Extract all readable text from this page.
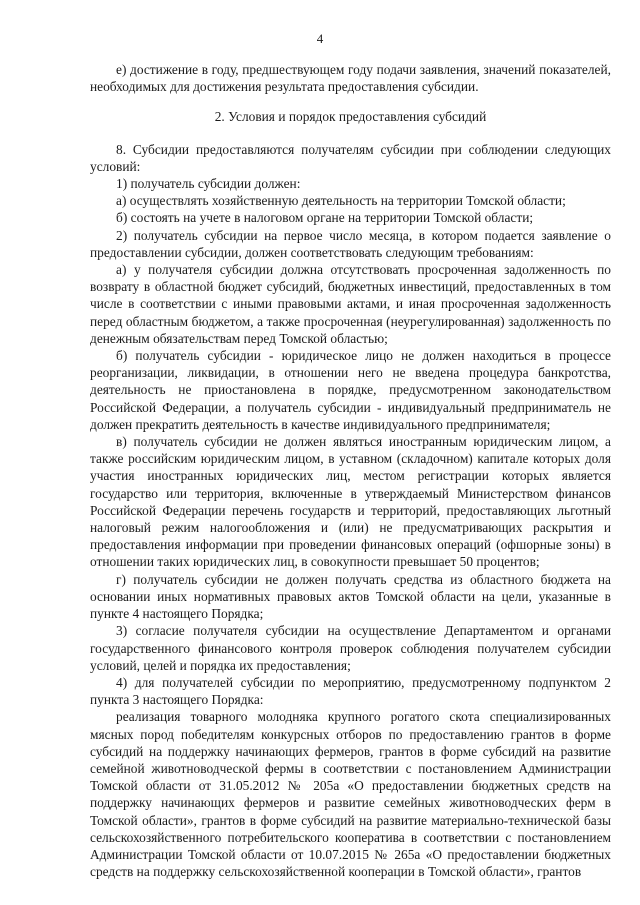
4

е) достижение в году, предшествующем году подачи заявления, значений показателей, необходимых для достижения результата предоставления субсидии.

2. Условия и порядок предоставления субсидий

8. Субсидии предоставляются получателям субсидии при соблюдении следующих условий:

1) получатель субсидии должен:

а) осуществлять хозяйственную деятельность на территории Томской области;

б) состоять на учете в налоговом органе на территории Томской области;

2) получатель субсидии на первое число месяца, в котором подается заявление о предоставлении субсидии, должен соответствовать следующим требованиям:

а) у получателя субсидии должна отсутствовать просроченная задолженность по возврату в областной бюджет субсидий, бюджетных инвестиций, предоставленных в том числе в соответствии с иными правовыми актами, и иная просроченная задолженность перед областным бюджетом, а также просроченная (неурегулированная) задолженность по денежным обязательствам перед Томской областью;

б) получатель субсидии - юридическое лицо не должен находиться в процессе реорганизации, ликвидации, в отношении него не введена процедура банкротства, деятельность не приостановлена в порядке, предусмотренном законодательством Российской Федерации, а получатель субсидии - индивидуальный предприниматель не должен прекратить деятельность в качестве индивидуального предпринимателя;

в) получатель субсидии не должен являться иностранным юридическим лицом, а также российским юридическим лицом, в уставном (складочном) капитале которых доля участия иностранных юридических лиц, местом регистрации которых является государство или территория, включенные в утверждаемый Министерством финансов Российской Федерации перечень государств и территорий, предоставляющих льготный налоговый режим налогообложения и (или) не предусматривающих раскрытия и предоставления информации при проведении финансовых операций (офшорные зоны) в отношении таких юридических лиц, в совокупности превышает 50 процентов;

г) получатель субсидии не должен получать средства из областного бюджета на основании иных нормативных правовых актов Томской области на цели, указанные в пункте 4 настоящего Порядка;

3) согласие получателя субсидии на осуществление Департаментом и органами государственного финансового контроля проверок соблюдения получателем субсидии условий, целей и порядка их предоставления;

4) для получателей субсидии по мероприятию, предусмотренному подпунктом 2 пункта 3 настоящего Порядка:

реализация товарного молодняка крупного рогатого скота специализированных мясных пород победителям конкурсных отборов по предоставлению грантов в форме субсидий на поддержку начинающих фермеров, грантов в форме субсидий на развитие семейной животноводческой фермы в соответствии с постановлением Администрации Томской области от 31.05.2012 № 205а «О предоставлении бюджетных средств на поддержку начинающих фермеров и развитие семейных животноводческих ферм в Томской области», грантов в форме субсидий на развитие материально-технической базы сельскохозяйственного потребительского кооператива в соответствии с постановлением Администрации Томской области от 10.07.2015 № 265а «О предоставлении бюджетных средств на поддержку сельскохозяйственной кооперации в Томской области», грантов
